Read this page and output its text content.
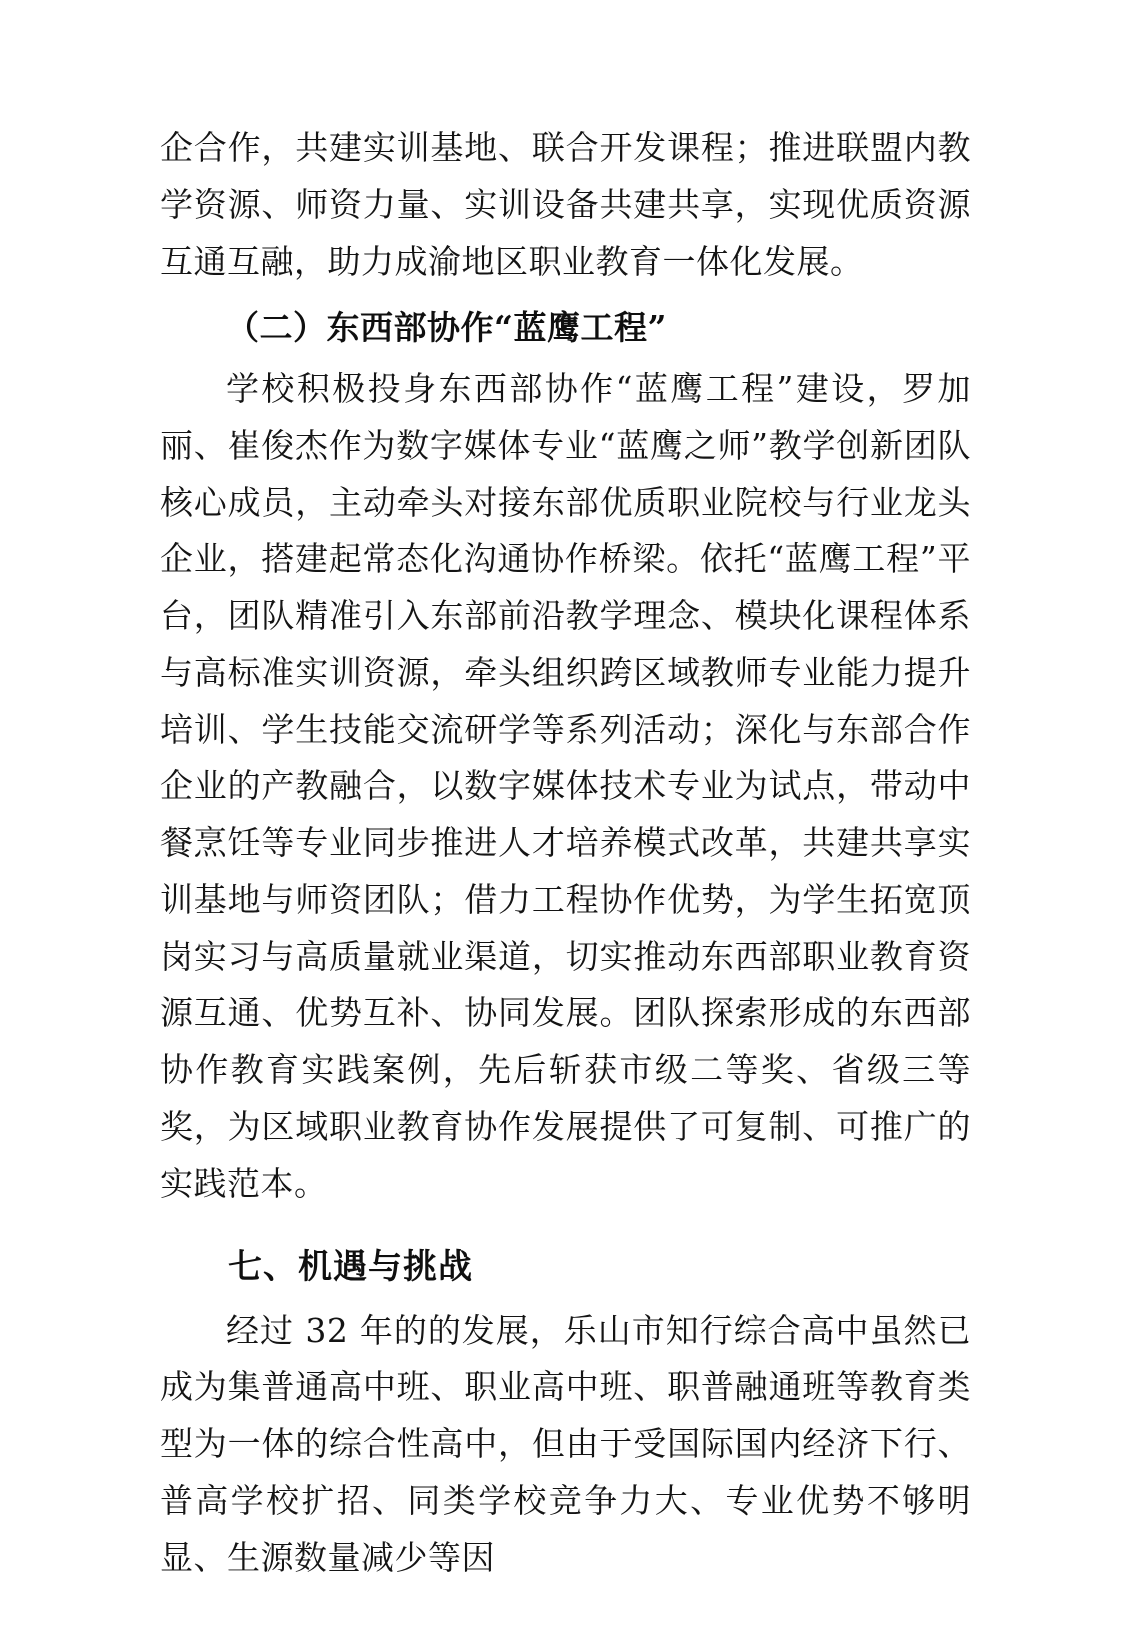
企合作，共建实训基地、联合开发课程；推进联盟内教学资源、师资力量、实训设备共建共享，实现优质资源互通互融，助力成渝地区职业教育一体化发展。

（二）东西部协作“蓝鹰工程”

学校积极投身东西部协作“蓝鹰工程”建设，罗加丽、崔俊杰作为数字媒体专业“蓝鹰之师”教学创新团队核心成员，主动牵头对接东部优质职业院校与行业龙头企业，搭建起常态化沟通协作桥梁。依托“蓝鹰工程”平台，团队精准引入东部前沿教学理念、模块化课程体系与高标准实训资源，牵头组织跨区域教师专业能力提升培训、学生技能交流研学等系列活动；深化与东部合作企业的产教融合，以数字媒体技术专业为试点，带动中餐烹饪等专业同步推进人才培养模式改革，共建共享实训基地与师资团队；借力工程协作优势，为学生拓宽顶岗实习与高质量就业渠道，切实推动东西部职业教育资源互通、优势互补、协同发展。团队探索形成的东西部协作教育实践案例，先后斩获市级二等奖、省级三等奖，为区域职业教育协作发展提供了可复制、可推广的实践范本。

七、机遇与挑战

经过 32 年的的发展，乐山市知行综合高中虽然已成为集普通高中班、职业高中班、职普融通班等教育类型为一体的综合性高中，但由于受国际国内经济下行、普高学校扩招、同类学校竞争力大、专业优势不够明显、生源数量减少等因
